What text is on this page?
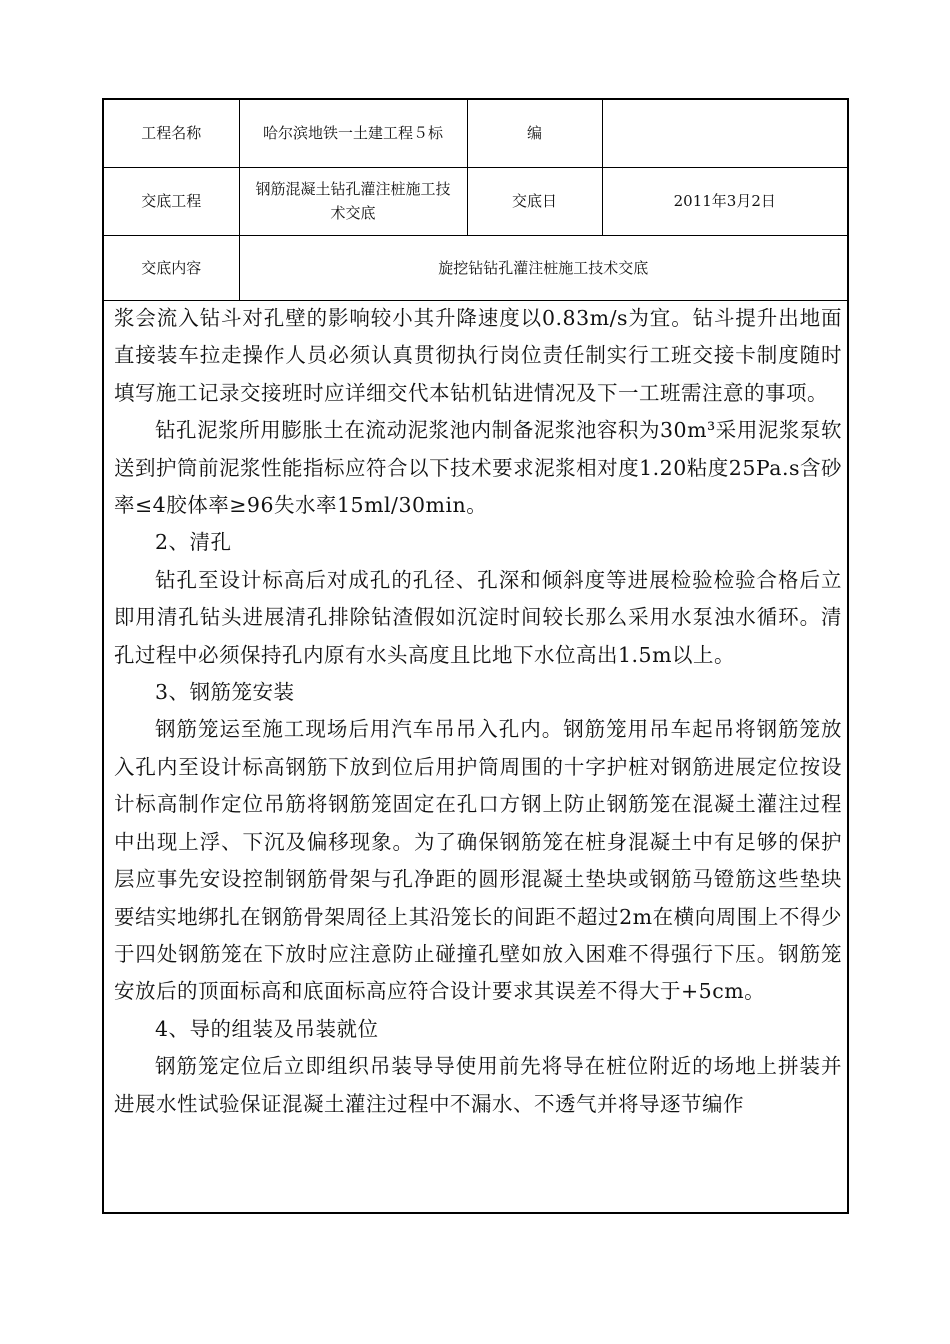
工程名称	哈尔滨地铁一土建工程５标	编	
交底工程	钢筋混凝土钻孔灌注桩施工技术交底	交底日	2011年3月2日
交底内容	旋挖钻钻孔灌注桩施工技术交底		

浆会流入钻斗对孔壁的影响较小其升降速度以0.83m/s为宜。钻斗提升出地面直接装车拉走操作人员必须认真贯彻执行岗位责任制实行工班交接卡制度随时填写施工记录交接班时应详细交代本钻机钻进情况及下一工班需注意的事项。

钻孔泥浆所用膨胀土在流动泥浆池内制备泥浆池容积为30m³采用泥浆泵软送到护筒前泥浆性能指标应符合以下技术要求泥浆相对度1.20粘度25Pa.s含砂率≤4胶体率≥96失水率15ml/30min。

2、清孔

钻孔至设计标高后对成孔的孔径、孔深和倾斜度等进展检验检验合格后立即用清孔钻头进展清孔排除钻渣假如沉淀时间较长那么采用水泵浊水循环。清孔过程中必须保持孔内原有水头高度且比地下水位高出1.5m以上。

3、钢筋笼安装

钢筋笼运至施工现场后用汽车吊吊入孔内。钢筋笼用吊车起吊将钢筋笼放入孔内至设计标高钢筋下放到位后用护筒周围的十字护桩对钢筋进展定位按设计标高制作定位吊筋将钢筋笼固定在孔口方钢上防止钢筋笼在混凝土灌注过程中出现上浮、下沉及偏移现象。为了确保钢筋笼在桩身混凝土中有足够的保护层应事先安设控制钢筋骨架与孔净距的圆形混凝土垫块或钢筋马镫筋这些垫块要结实地绑扎在钢筋骨架周径上其沿笼长的间距不超过2m在横向周围上不得少于四处钢筋笼在下放时应注意防止碰撞孔壁如放入困难不得强行下压。钢筋笼安放后的顶面标高和底面标高应符合设计要求其误差不得大于+5cm。

4、导的组装及吊装就位

钢筋笼定位后立即组织吊装导导使用前先将导在桩位附近的场地上拼装并进展水性试验保证混凝土灌注过程中不漏水、不透气并将导逐节编作
